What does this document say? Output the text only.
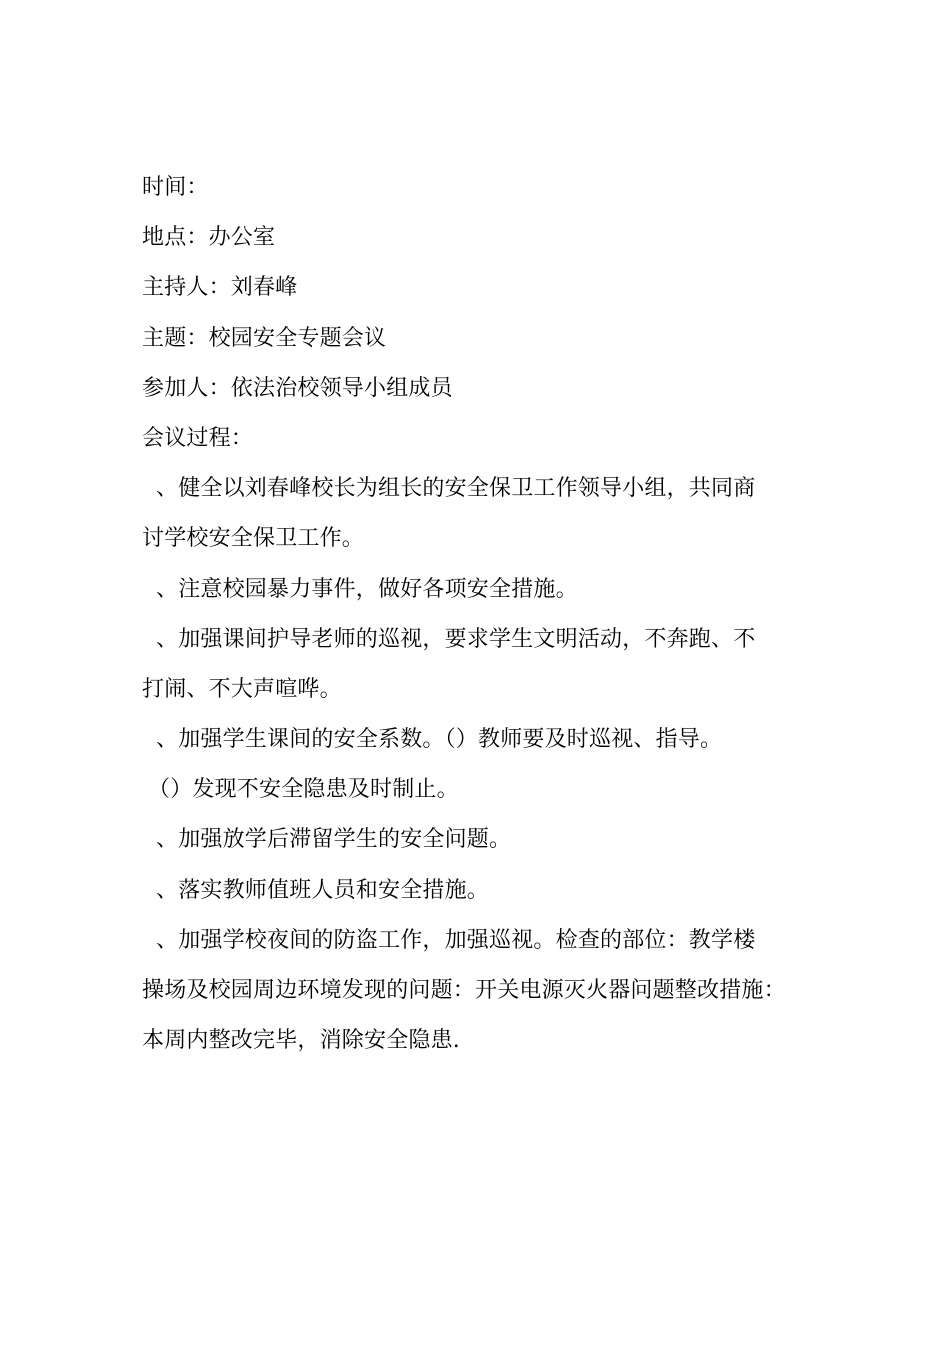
时间：
地点：办公室
主持人：刘春峰
主题：校园安全专题会议
参加人：依法治校领导小组成员
会议过程：
、健全以刘春峰校长为组长的安全保卫工作领导小组，共同商
讨学校安全保卫工作。
、注意校园暴力事件，做好各项安全措施。
、加强课间护导老师的巡视，要求学生文明活动，不奔跑、不
打闹、不大声喧哗。
、加强学生课间的安全系数。（）教师要及时巡视、指导。
（）发现不安全隐患及时制止。
、加强放学后滞留学生的安全问题。
、落实教师值班人员和安全措施。
、加强学校夜间的防盗工作，加强巡视。检查的部位：教学楼
操场及校园周边环境发现的问题：开关电源灭火器问题整改措施：
本周内整改完毕，消除安全隐患.
